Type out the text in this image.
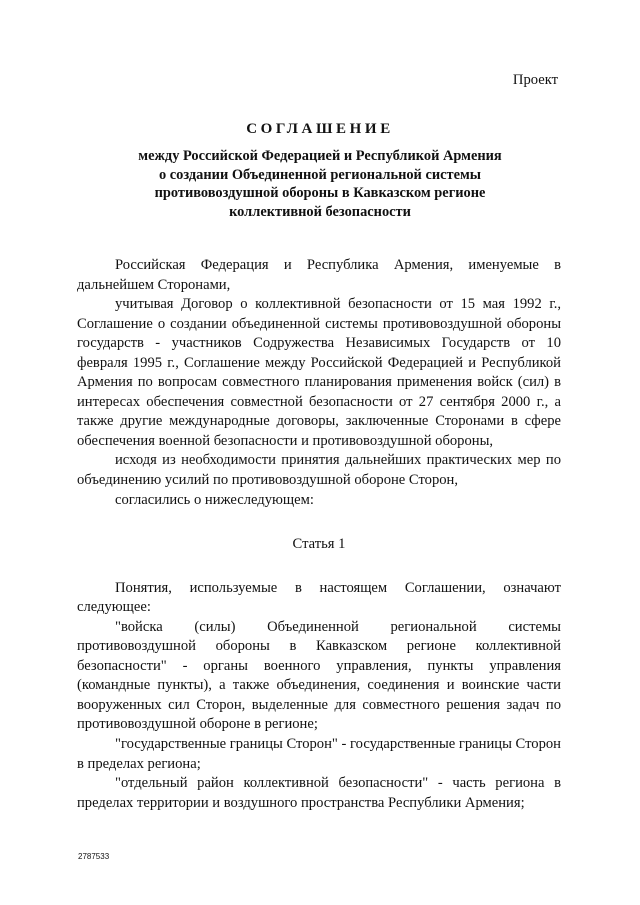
Проект
СОГЛАШЕНИЕ
между Российской Федерацией и Республикой Армения
о создании Объединенной региональной системы
противовоздушной обороны в Кавказском регионе
коллективной безопасности

Российская Федерация и Республика Армения, именуемые в дальнейшем Сторонами,

учитывая Договор о коллективной безопасности от 15 мая 1992 г., Соглашение о создании объединенной системы противовоздушной обороны государств - участников Содружества Независимых Государств от 10 февраля 1995 г., Соглашение между Российской Федерацией и Республикой Армения по вопросам совместного планирования применения войск (сил) в интересах обеспечения совместной безопасности от 27 сентября 2000 г., а также другие международные договоры, заключенные Сторонами в сфере обеспечения военной безопасности и противовоздушной обороны,

исходя из необходимости принятия дальнейших практических мер по объединению усилий по противовоздушной обороне Сторон,

согласились о нижеследующем:

Статья 1

Понятия, используемые в настоящем Соглашении, означают следующее:

"войска (силы) Объединенной региональной системы противовоздушной обороны в Кавказском регионе коллективной безопасности" - органы военного управления, пункты управления (командные пункты), а также объединения, соединения и воинские части вооруженных сил Сторон, выделенные для совместного решения задач по противовоздушной обороне в регионе;

"государственные границы Сторон" - государственные границы Сторон в пределах региона;

"отдельный район коллективной безопасности" - часть региона в пределах территории и воздушного пространства Республики Армения;

2787533
